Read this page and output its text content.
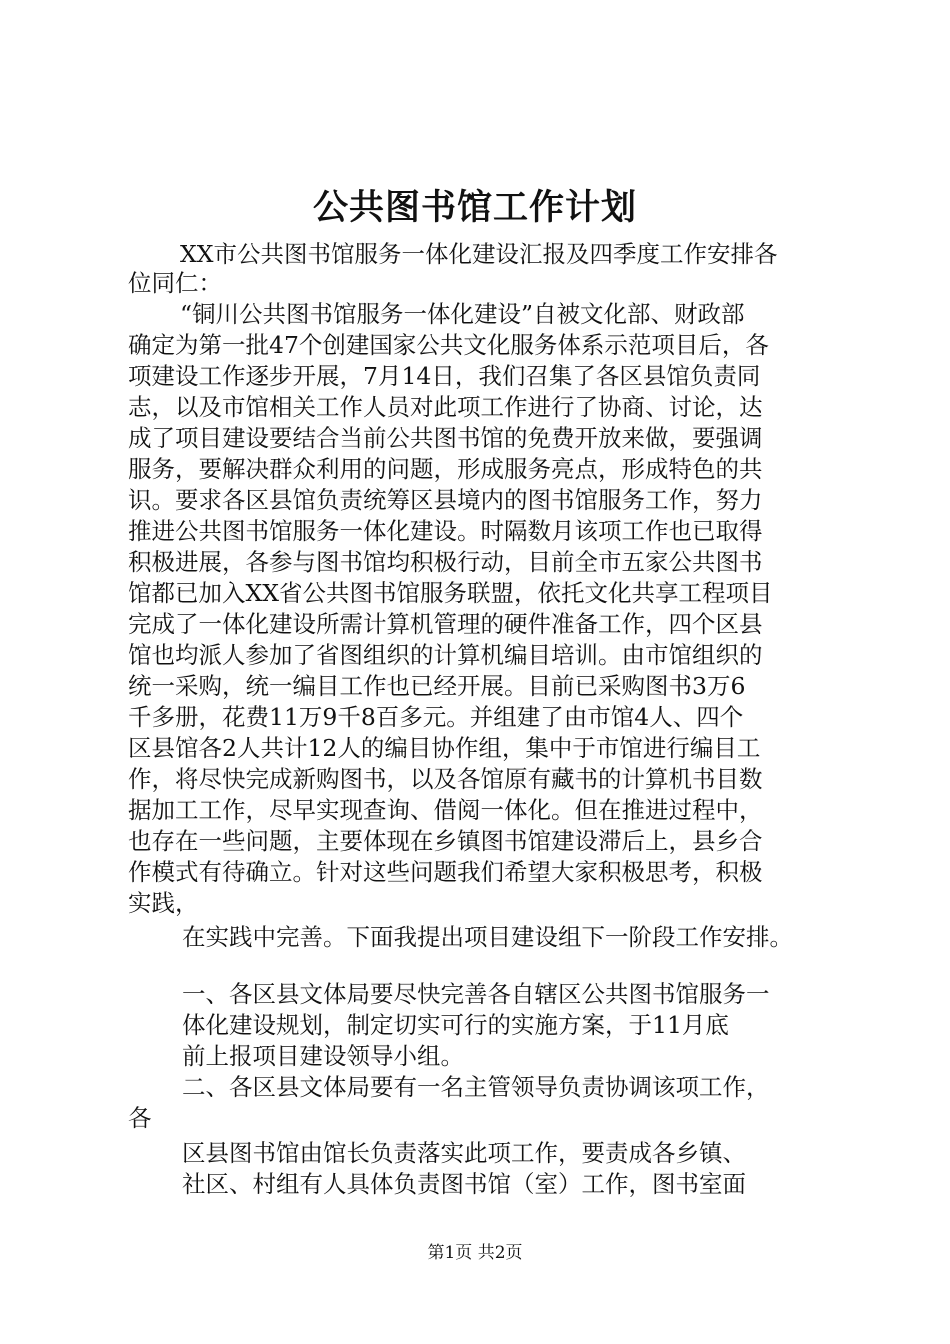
公共图书馆工作计划
XX市公共图书馆服务一体化建设汇报及四季度工作安排各
位同仁：
“铜川公共图书馆服务一体化建设”自被文化部、财政部
确定为第一批47个创建国家公共文化服务体系示范项目后，各
项建设工作逐步开展，7月14日，我们召集了各区县馆负责同
志，以及市馆相关工作人员对此项工作进行了协商、讨论，达
成了项目建设要结合当前公共图书馆的免费开放来做，要强调
服务，要解决群众利用的问题，形成服务亮点，形成特色的共
识。要求各区县馆负责统筹区县境内的图书馆服务工作，努力
推进公共图书馆服务一体化建设。时隔数月该项工作也已取得
积极进展，各参与图书馆均积极行动，目前全市五家公共图书
馆都已加入XX省公共图书馆服务联盟，依托文化共享工程项目
完成了一体化建设所需计算机管理的硬件准备工作，四个区县
馆也均派人参加了省图组织的计算机编目培训。由市馆组织的
统一采购，统一编目工作也已经开展。目前已采购图书3万6
千多册，花费11万9千8百多元。并组建了由市馆4人、四个
区县馆各2人共计12人的编目协作组，集中于市馆进行编目工
作，将尽快完成新购图书，以及各馆原有藏书的计算机书目数
据加工工作，尽早实现查询、借阅一体化。但在推进过程中，
也存在一些问题，主要体现在乡镇图书馆建设滞后上，县乡合
作模式有待确立。针对这些问题我们希望大家积极思考，积极
实践，
在实践中完善。下面我提出项目建设组下一阶段工作安排。
一、各区县文体局要尽快完善各自辖区公共图书馆服务一
体化建设规划，制定切实可行的实施方案，于11月底
前上报项目建设领导小组。
二、各区县文体局要有一名主管领导负责协调该项工作，
各
区县图书馆由馆长负责落实此项工作，要责成各乡镇、
社区、村组有人具体负责图书馆（室）工作，图书室面
第1页 共2页
